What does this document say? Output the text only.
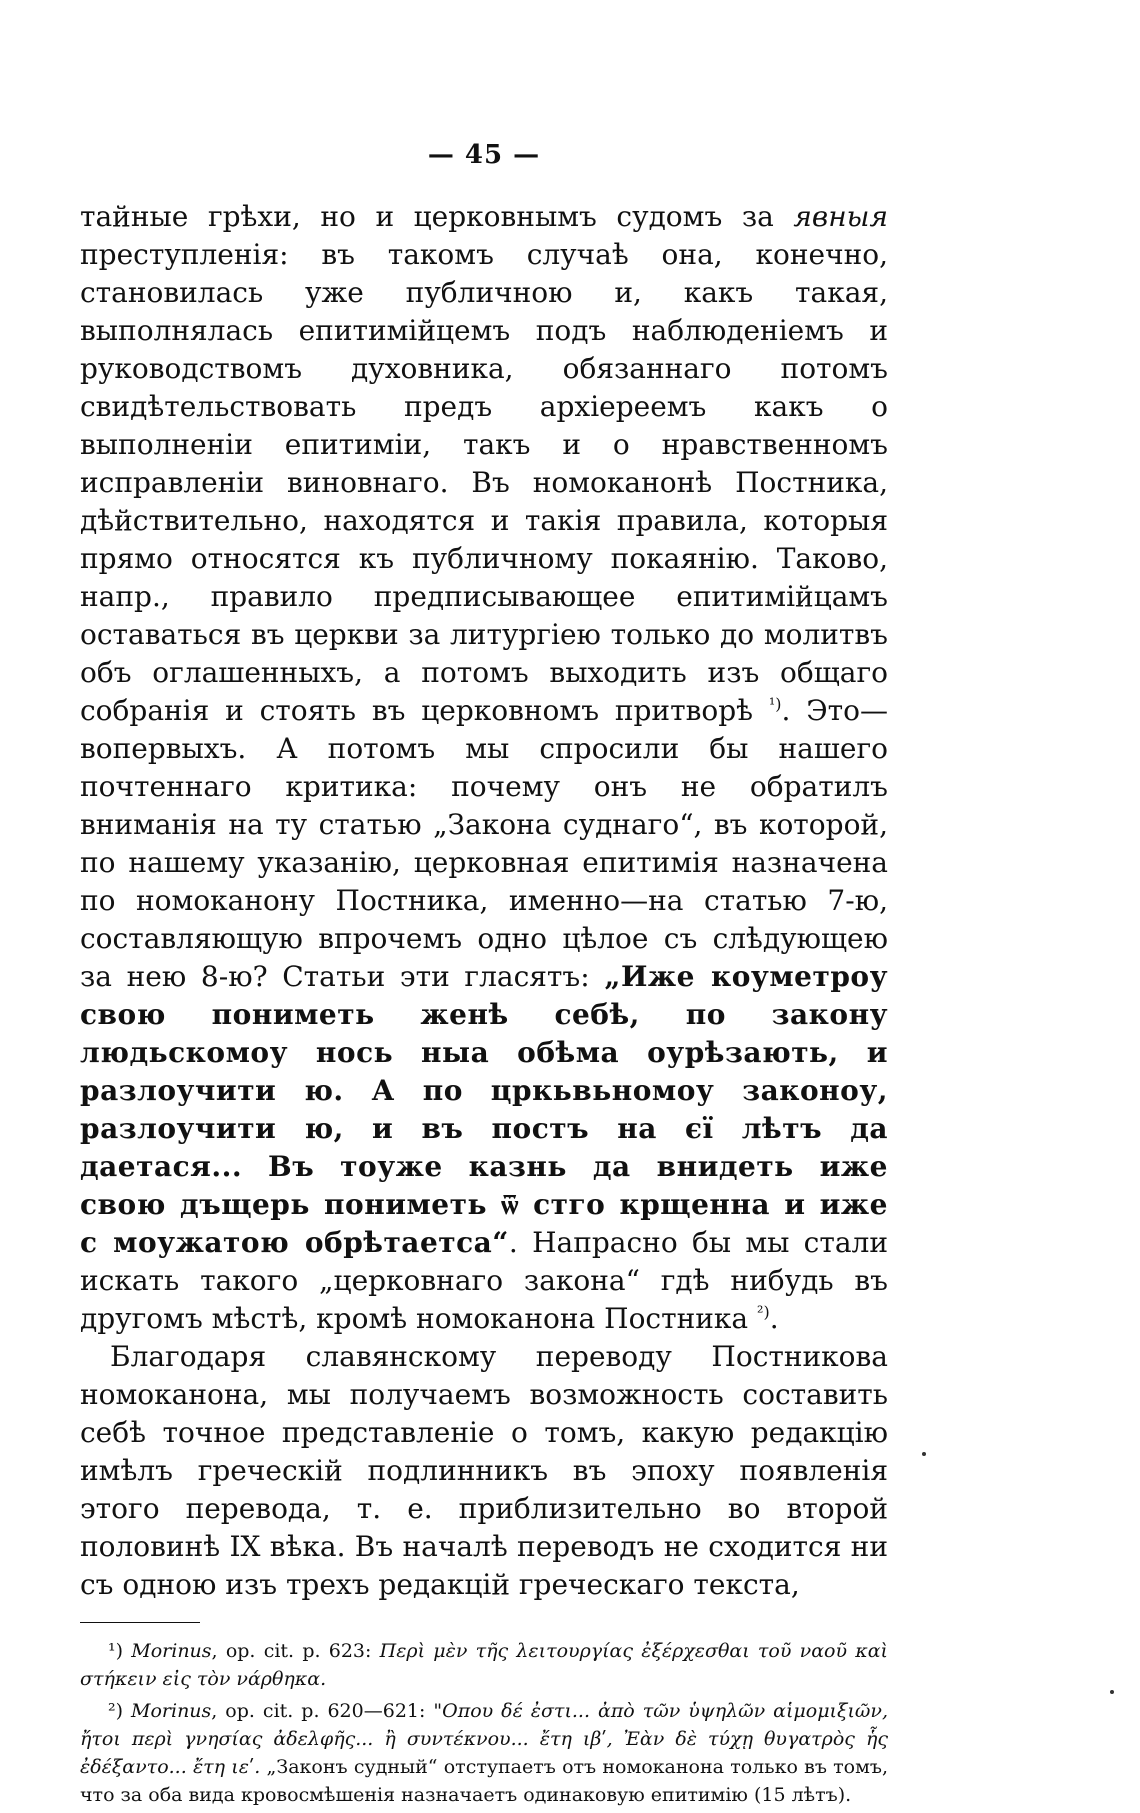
— 45 —

тайные грѣхи, но и церковнымъ судомъ за явныя преступленія: въ такомъ случаѣ она, конечно, становилась уже публичною и, какъ такая, выполнялась епитимійцемъ подъ наблюденіемъ и руководствомъ духовника, обязаннаго потомъ свидѣтельствовать предъ архіереемъ какъ о выполненіи епитиміи, такъ и о нравственномъ исправленіи виновнаго. Въ номоканонѣ Постника, дѣйствительно, находятся и такія правила, которыя прямо относятся къ публичному покаянію. Таково, напр., правило предписывающее епитимійцамъ оставаться въ церкви за литургіею только до молитвъ объ оглашенныхъ, а потомъ выходить изъ общаго собранія и стоять въ церковномъ притворѣ $^{^1)}$. Это—вопервыхъ. А потомъ мы спросили бы нашего почтеннаго критика: почему онъ не обратилъ вниманія на ту статью „Закона суднаго“, въ которой, по нашему указанію, церковная епитимія назначена по номоканону Постника, именно—на статью 7-ю, составляющую впрочемъ одно цѣлое съ слѣдующею за нею 8-ю? Статьи эти гласятъ: „Иже коуметроу свою пониметь женѣ себѣ, по закону людьскомоу нось ныа обѣма оурѣзають, и разлоучити ю. А по цркьвьномоу законоу, разлоучити ю, и въ постъ на єї лѣтъ да даетася... Въ тоуже казнь да внидеть иже свою дъщерь пониметь ѿ стго крщенна и иже с моужатою обрѣтаетса“. Напрасно бы мы стали искать такого „церковнаго закона“ гдѣ нибудь въ другомъ мѣстѣ, кромѣ номоканона Постника $^{^2)}$.

Благодаря славянскому переводу Постникова номоканона, мы получаемъ возможность составить себѣ точное представленіе о томъ, какую редакцію имѣлъ греческій подлинникъ въ эпоху появленія этого перевода, т. е. приблизительно во второй половинѣ IX вѣка. Въ началѣ переводъ не сходится ни съ одною изъ трехъ редакцій греческаго текста,

¹) Morinus, op. cit. p. 623: Περὶ μὲν τῆς λειτουργίας ἐξέρχεσθαι τοῦ ναοῦ καὶ στήκειν εἰς τὸν νάρθηκα.

²) Morinus, op. cit. p. 620—621: "Οπου δέ ἐστι... ἀπὸ τῶν ὑψηλῶν αἱμομιξιῶν, ἤτοι περὶ γνησίας ἀδελφῆς... ἢ συντέκνου... ἔτη ιβʹ, Ἐὰν δὲ τύχῃ θυγατρὸς ἧς ἐδέξαντο... ἔτη ιεʹ. „Законъ судный“ отступаетъ отъ номоканона только въ томъ, что за оба вида кровосмѣшенія назначаетъ одинаковую епитимію (15 лѣтъ).
